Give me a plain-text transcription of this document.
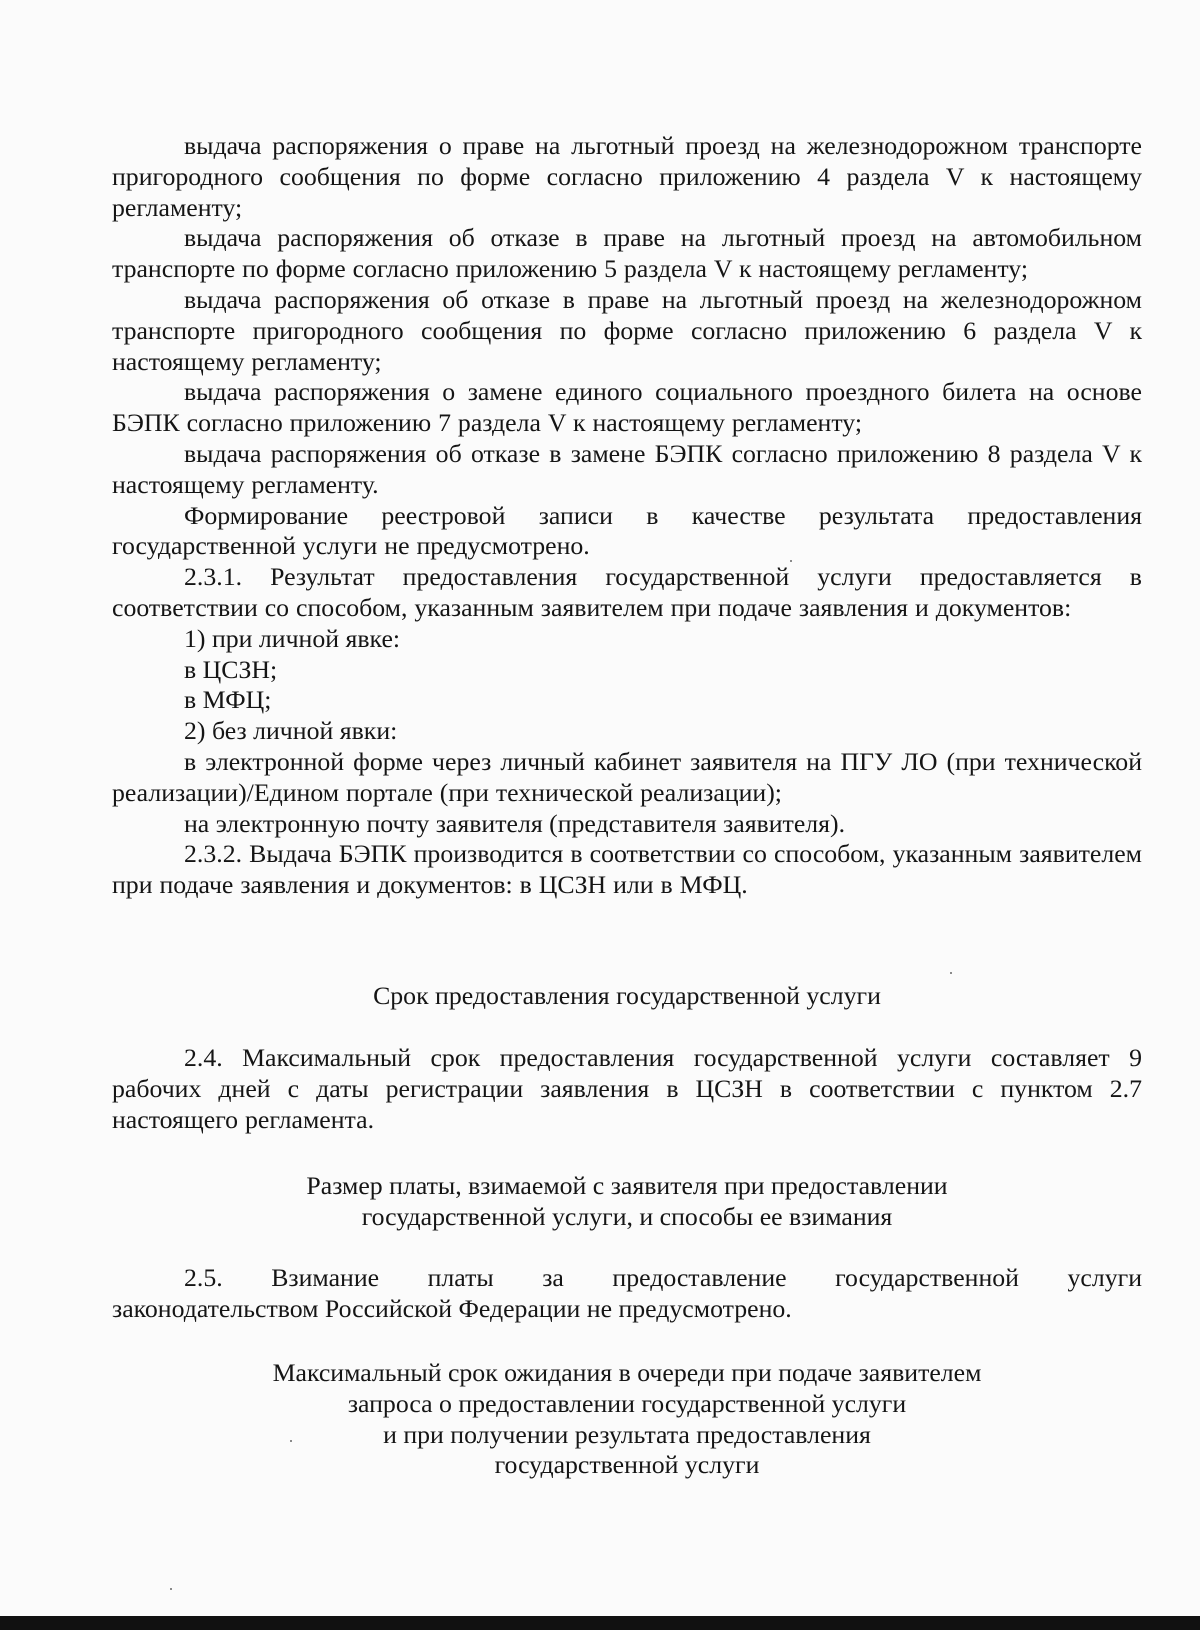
выдача распоряжения о праве на льготный проезд на железнодорожном транспорте пригородного сообщения по форме согласно приложению 4 раздела V к настоящему регламенту;

выдача распоряжения об отказе в праве на льготный проезд на автомобильном транспорте по форме согласно приложению 5 раздела V к настоящему регламенту;

выдача распоряжения об отказе в праве на льготный проезд на железнодорожном транспорте пригородного сообщения по форме согласно приложению 6 раздела V к настоящему регламенту;

выдача распоряжения о замене единого социального проездного билета на основе БЭПК согласно приложению 7 раздела V к настоящему регламенту;

выдача распоряжения об отказе в замене БЭПК согласно приложению 8 раздела V к настоящему регламенту.

Формирование реестровой записи в качестве результата предоставления государственной услуги не предусмотрено.

2.3.1. Результат предоставления государственной услуги предоставляется в соответствии со способом, указанным заявителем при подаче заявления и документов:

1) при личной явке:

в ЦСЗН;

в МФЦ;

2) без личной явки:

в электронной форме через личный кабинет заявителя на ПГУ ЛО (при технической реализации)/Едином портале (при технической реализации);

на электронную почту заявителя (представителя заявителя).

2.3.2. Выдача БЭПК производится в соответствии со способом, указанным заявителем при подаче заявления и документов: в ЦСЗН или в МФЦ.

Срок предоставления государственной услуги

2.4. Максимальный срок предоставления государственной услуги составляет 9 рабочих дней с даты регистрации заявления в ЦСЗН в соответствии с пунктом 2.7 настоящего регламента.

Размер платы, взимаемой с заявителя при предоставлении
государственной услуги, и способы ее взимания

2.5. Взимание платы за предоставление государственной услуги

законодательством Российской Федерации не предусмотрено.

Максимальный срок ожидания в очереди при подаче заявителем
запроса о предоставлении государственной услуги
и при получении результата предоставления
государственной услуги
